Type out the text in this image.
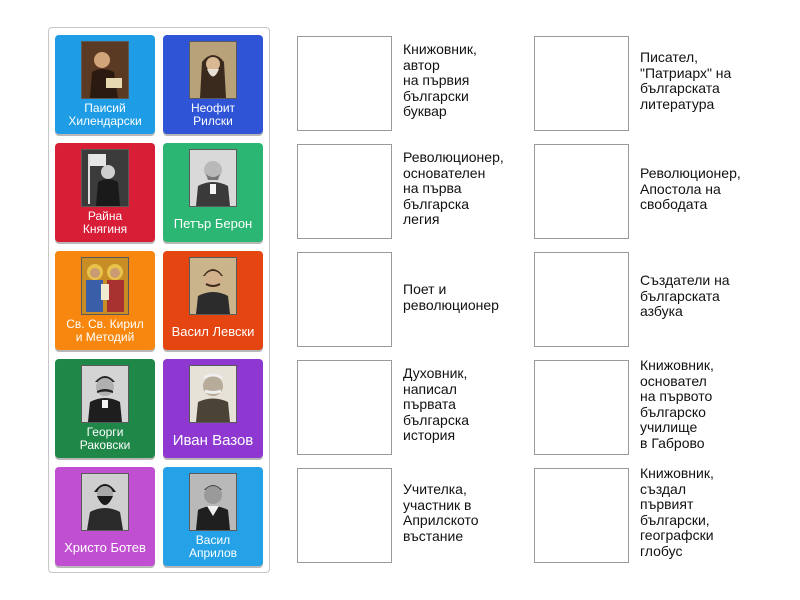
Паисий
Хилендарски
Неофит
Рилски
Райна
Княгиня	Петър Берон
Св. Св. Кирил
и Методий	Васил Левски
Георги
Раковски	Иван Вазов
Христо Ботев	Васил
Априлов
Книжовник,
автор
на първия
български
буквар
Революционер,
основателен
на първа
българска
легия
Поет и
революционер
Духовник,
написал
първата
българска
история
Учителка,
участник в
Априлското
въстание
Писател,
"Патриарх" на
българската
литература
Революционер,
Апостола на
свободата
Създатели на
българската
азбука
Книжовник,
основател
на първото
българско
училище
в Габрово
Книжовник,
създал
първият
български,
географски
глобус
